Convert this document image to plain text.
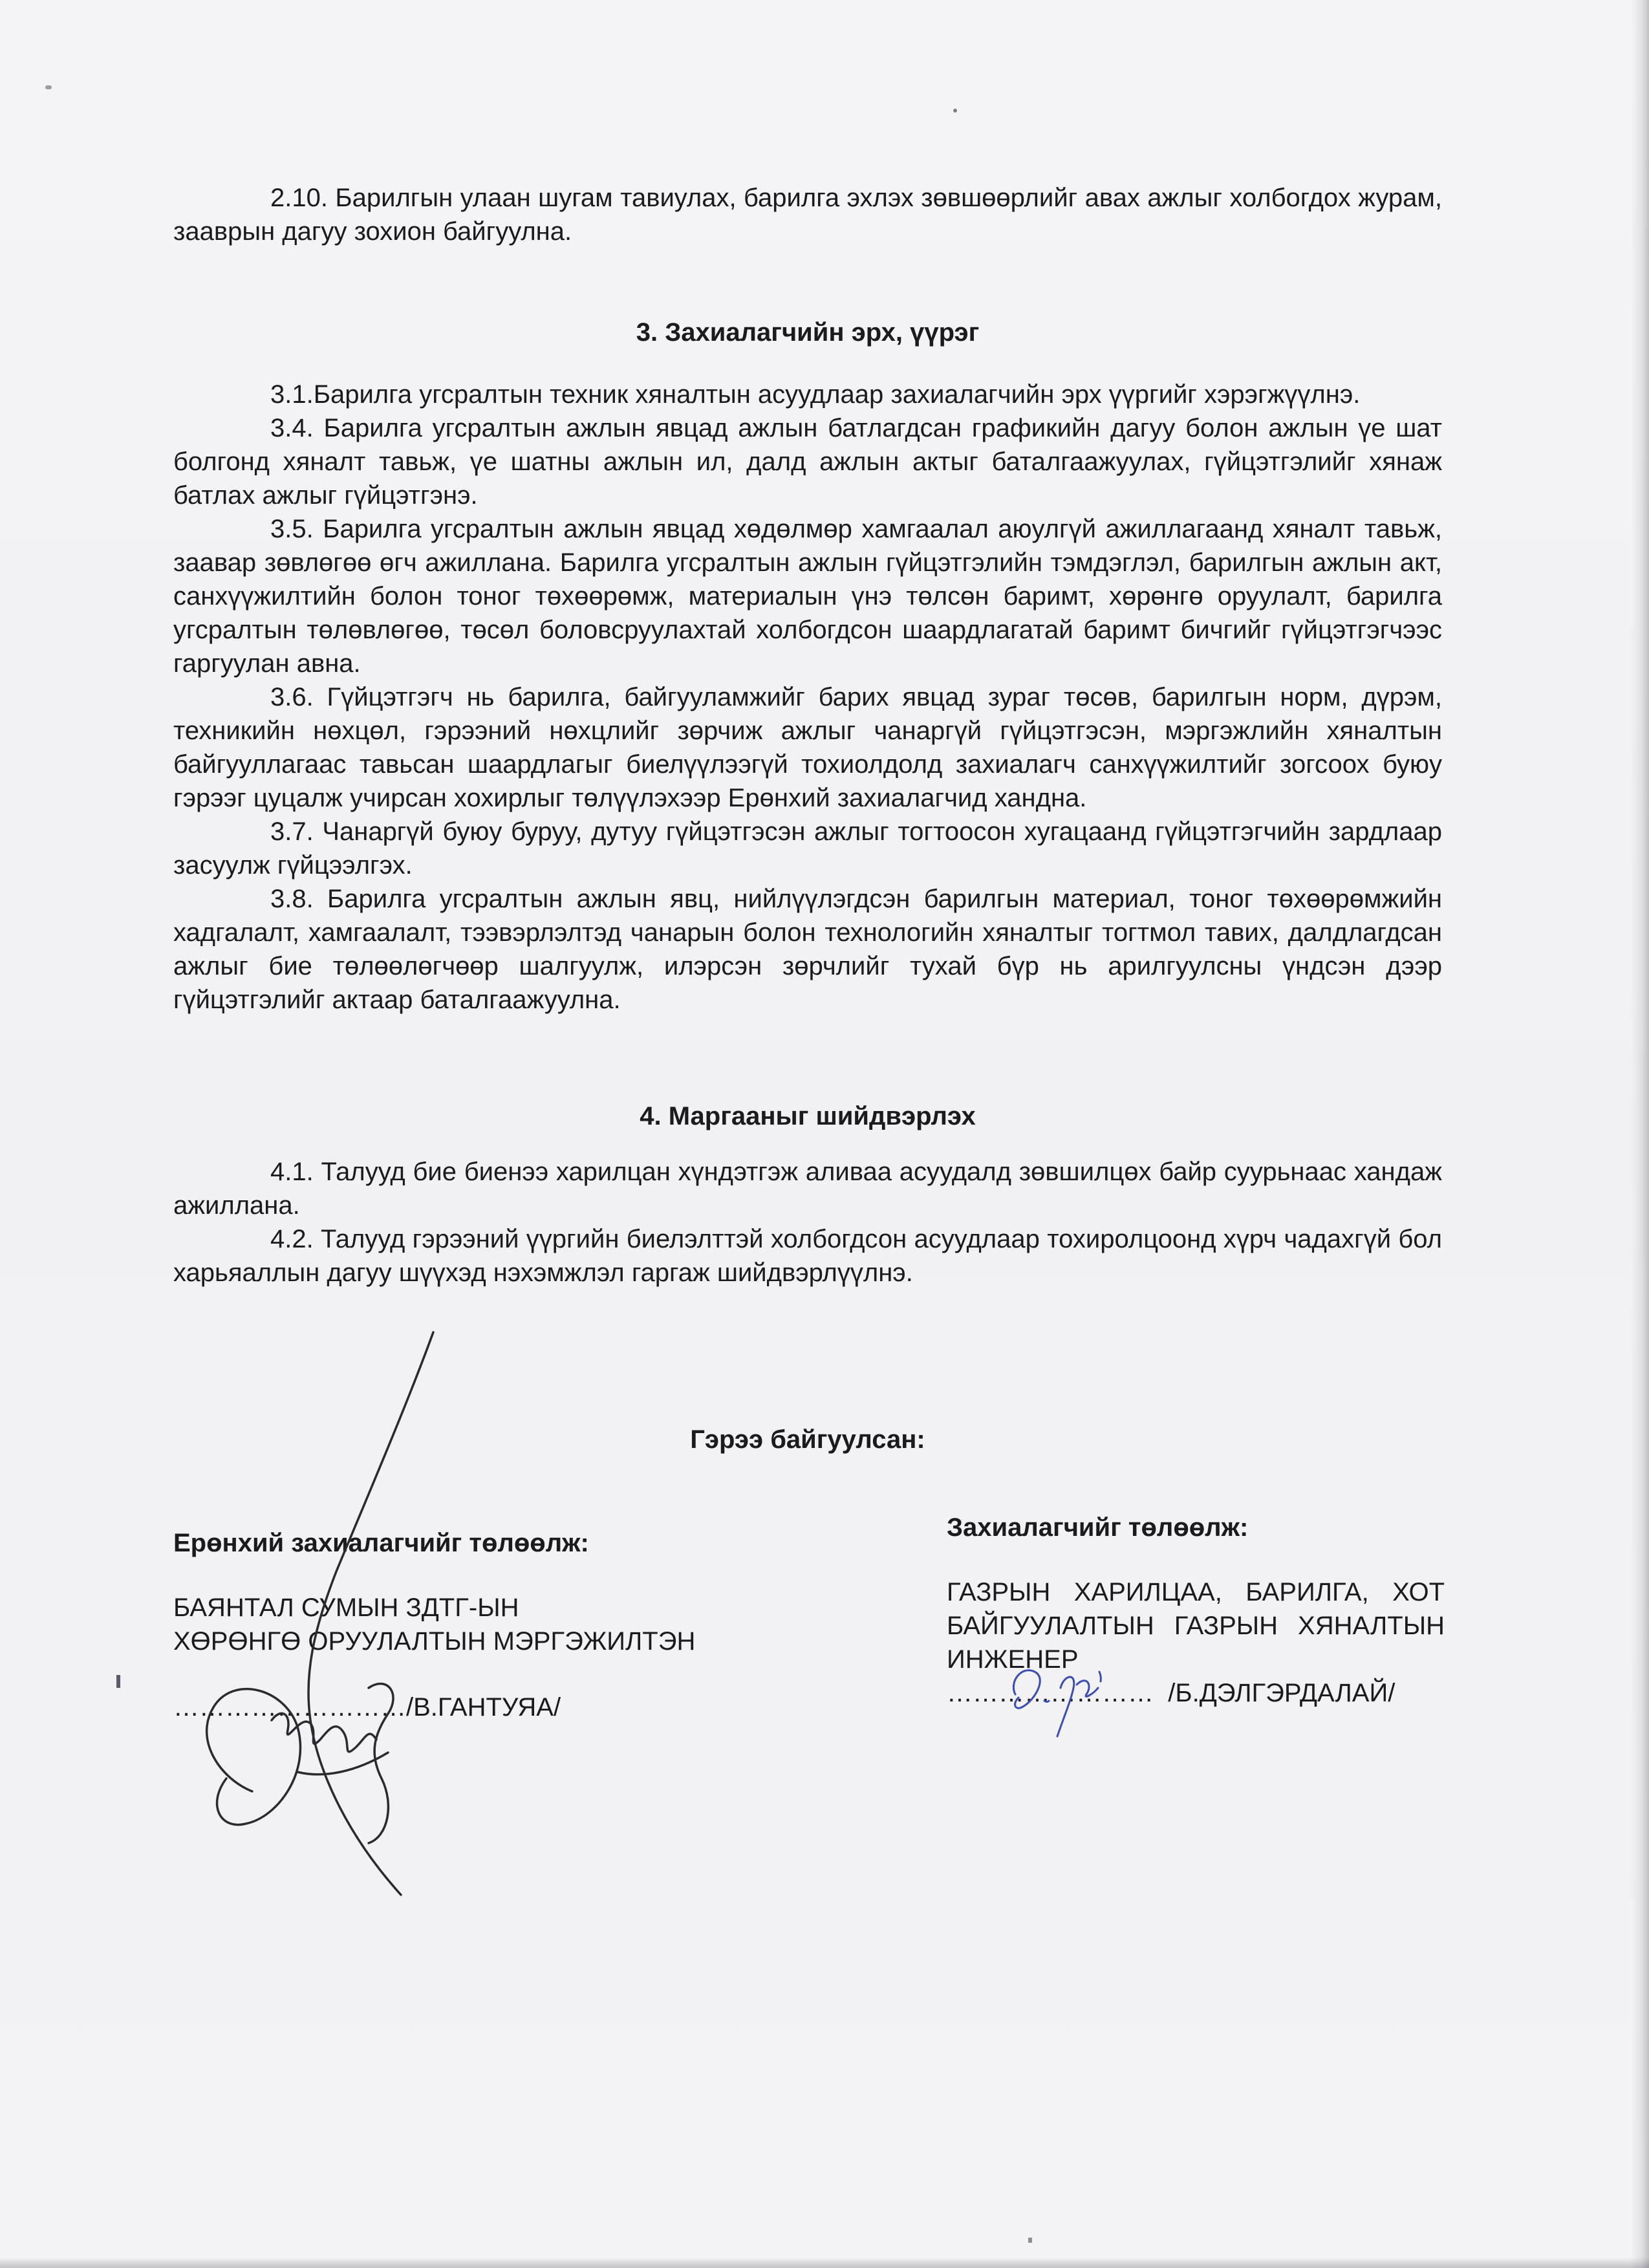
2.10. Барилгын улаан шугам тавиулах, барилга эхлэх зөвшөөрлийг авах ажлыг холбогдох журам, зааврын дагуу зохион байгуулна.

3. Захиалагчийн эрх, үүрэг

3.1.Барилга угсралтын техник хяналтын асуудлаар захиалагчийн эрх үүргийг хэрэгжүүлнэ.

3.4. Барилга угсралтын ажлын явцад ажлын батлагдсан графикийн дагуу болон ажлын үе шат болгонд хяналт тавьж, үе шатны ажлын ил, далд ажлын актыг баталгаажуулах, гүйцэтгэлийг хянаж батлах ажлыг гүйцэтгэнэ.

3.5. Барилга угсралтын ажлын явцад хөдөлмөр хамгаалал аюулгүй ажиллагаанд хяналт тавьж, заавар зөвлөгөө өгч ажиллана. Барилга угсралтын ажлын гүйцэтгэлийн тэмдэглэл, барилгын ажлын акт, санхүүжилтийн болон тоног төхөөрөмж, материалын үнэ төлсөн баримт, хөрөнгө оруулалт, барилга угсралтын төлөвлөгөө, төсөл боловсруулахтай холбогдсон шаардлагатай баримт бичгийг гүйцэтгэгчээс гаргуулан авна.

3.6. Гүйцэтгэгч нь барилга, байгууламжийг барих явцад зураг төсөв, барилгын норм, дүрэм, техникийн нөхцөл, гэрээний нөхцлийг зөрчиж ажлыг чанаргүй гүйцэтгэсэн, мэргэжлийн хяналтын байгууллагаас тавьсан шаардлагыг биелүүлээгүй тохиолдолд захиалагч санхүүжилтийг зогсоох буюу гэрээг цуцалж учирсан хохирлыг төлүүлэхээр Ерөнхий захиалагчид хандна.

3.7. Чанаргүй буюу буруу, дутуу гүйцэтгэсэн ажлыг тогтоосон хугацаанд гүйцэтгэгчийн зардлаар засуулж гүйцээлгэх.

3.8. Барилга угсралтын ажлын явц, нийлүүлэгдсэн барилгын материал, тоног төхөөрөмжийн хадгалалт, хамгаалалт, тээвэрлэлтэд чанарын болон технологийн хяналтыг тогтмол тавих, далдлагдсан ажлыг бие төлөөлөгчөөр шалгуулж, илэрсэн зөрчлийг тухай бүр нь арилгуулсны үндсэн дээр гүйцэтгэлийг актаар баталгаажуулна.

4. Маргааныг шийдвэрлэх

4.1. Талууд бие биенээ харилцан хүндэтгэж аливаа асуудалд зөвшилцөх байр суурьнаас хандаж ажиллана.

4.2. Талууд гэрээний үүргийн биелэлттэй холбогдсон асуудлаар тохиролцоонд хүрч чадахгүй бол харьяаллын дагуу шүүхэд нэхэмжлэл гаргаж шийдвэрлүүлнэ.

Гэрээ байгуулсан:

Ерөнхий захиалагчийг төлөөлж:

БАЯНТАЛ СУМЫН ЗДТГ-ЫН

ХӨРӨНГӨ ОРУУЛАЛТЫН МЭРГЭЖИЛТЭН

………………………/В.ГАНТУЯА/

Захиалагчийг төлөөлж:

ГАЗРЫН ХАРИЛЦАА, БАРИЛГА, ХОТ БАЙГУУЛАЛТЫН ГАЗРЫН ХЯНАЛТЫН ИНЖЕНЕР

……………………  /Б.ДЭЛГЭРДАЛАЙ/
